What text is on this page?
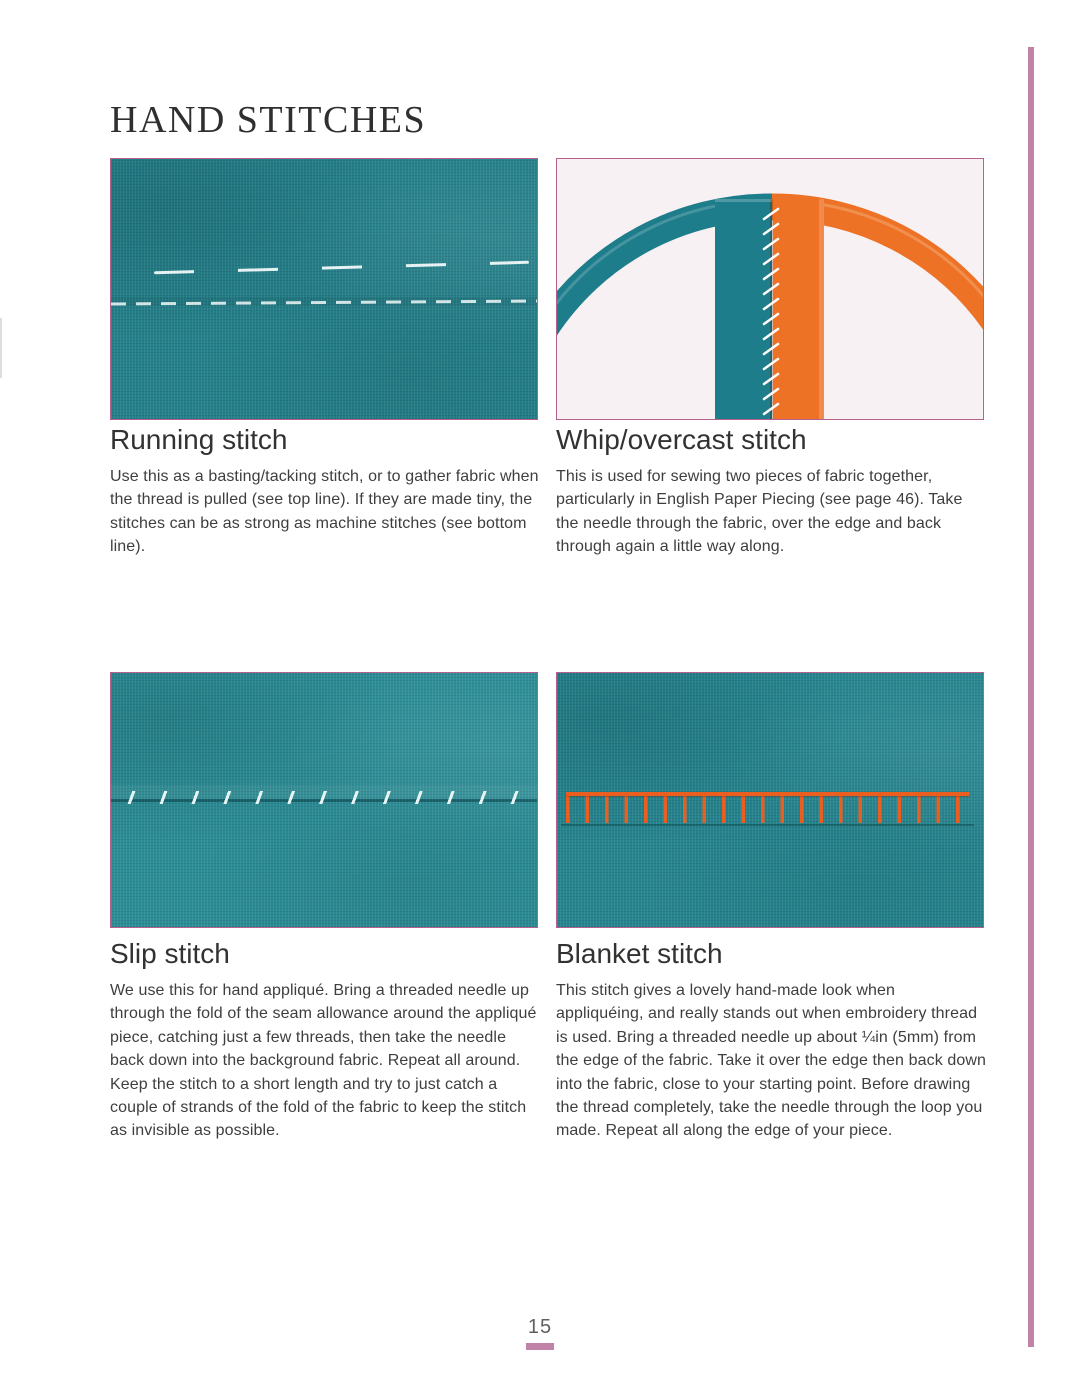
HAND STITCHES
Running stitch

Use this as a basting/tacking stitch, or to gather fabric when the thread is pulled (see top line). If they are made tiny, the stitches can be as strong as machine stitches (see bottom line).

Whip/overcast stitch

This is used for sewing two pieces of fabric together, particularly in English Paper Piecing (see page 46). Take the needle through the fabric, over the edge and back through again a little way along.

Slip stitch

We use this for hand appliqué. Bring a threaded needle up through the fold of the seam allowance around the appliqué piece, catching just a few threads, then take the needle back down into the background fabric. Repeat all around. Keep the stitch to a short length and try to just catch a couple of strands of the fold of the fabric to keep the stitch as invisible as possible.

Blanket stitch

This stitch gives a lovely hand-made look when appliquéing, and really stands out when embroidery thread is used. Bring a threaded needle up about ¼in (5mm) from the edge of the fabric. Take it over the edge then back down into the fabric, close to your starting point. Before drawing the thread completely, take the needle through the loop you made. Repeat all along the edge of your piece.

15
